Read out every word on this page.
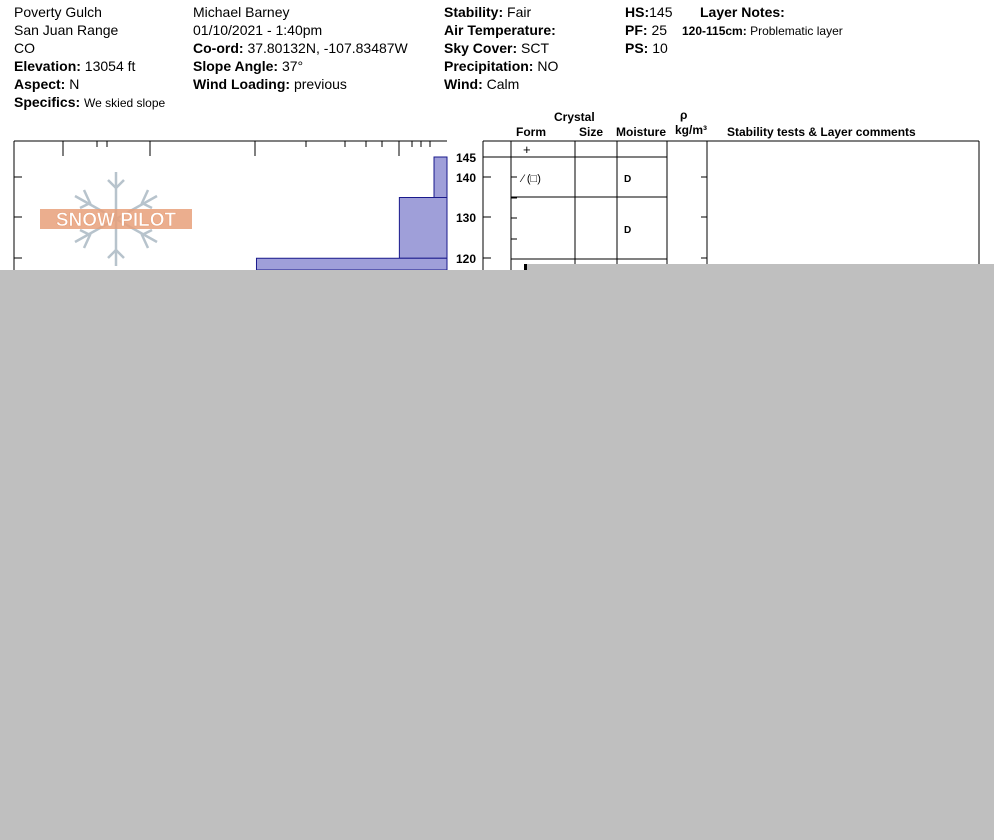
Poverty Gulch
San Juan Range
CO
Elevation: 13054 ft
Aspect: N
Specifics: We skied slope
Michael Barney
01/10/2021 - 1:40pm
Co-ord: 37.80132N, -107.83487W
Slope Angle: 37°
Wind Loading: previous
Stability: Fair
Air Temperature:
Sky Cover: SCT
Precipitation: NO
Wind: Calm
HS:145
PF: 25
PS: 10
Layer Notes:
120-115cm: Problematic layer
Crystal
Form	Size Moisture
ρ
kg/m³ Stability tests & Layer comments
SNOW PILOT
145
140
130
120
+
⁄ (□)	D
D
